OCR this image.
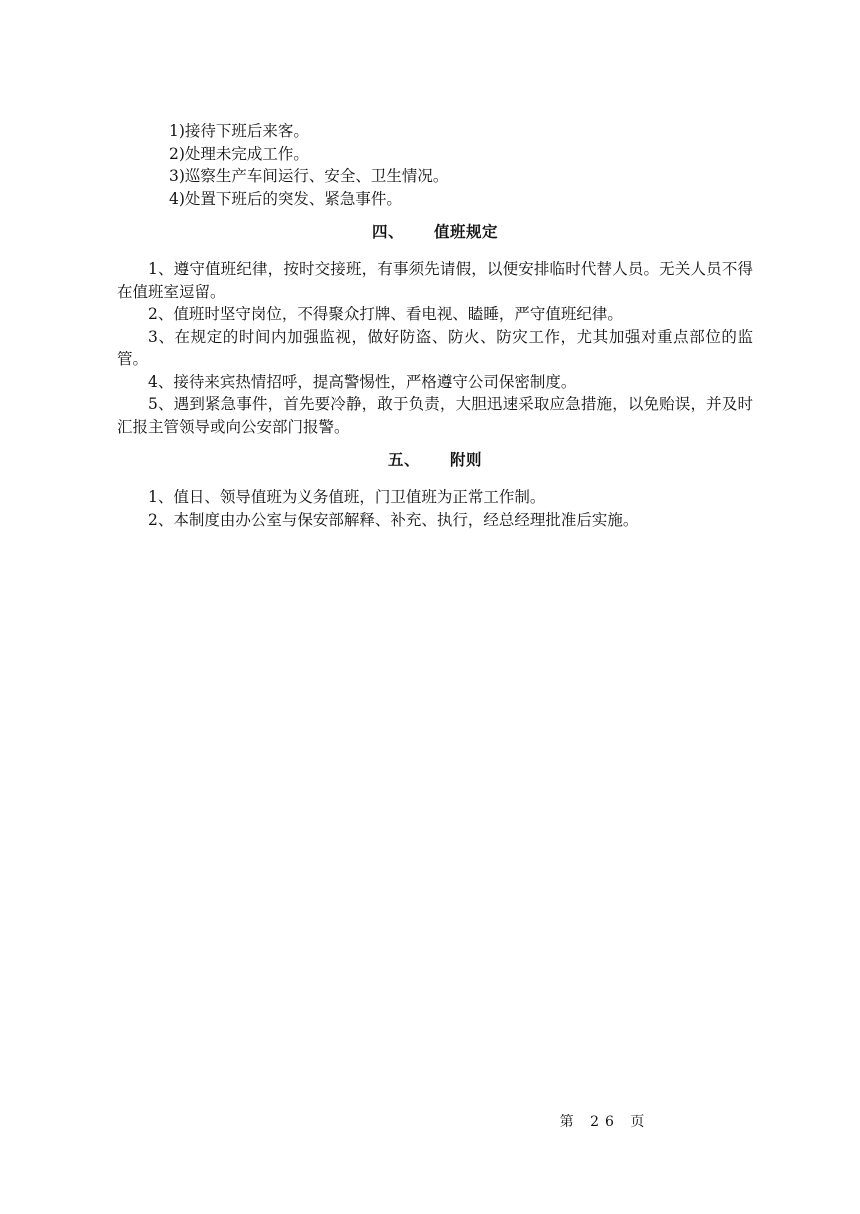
1)接待下班后来客。
2)处理未完成工作。
3)巡察生产车间运行、安全、卫生情况。
4)处置下班后的突发、紧急事件。
四、 值班规定
1、遵守值班纪律，按时交接班，有事须先请假，以便安排临时代替人员。无关人员不得在值班室逗留。
2、值班时坚守岗位，不得聚众打牌、看电视、瞌睡，严守值班纪律。
3、在规定的时间内加强监视，做好防盗、防火、防灾工作，尤其加强对重点部位的监管。
4、接待来宾热情招呼，提高警惕性，严格遵守公司保密制度。
5、遇到紧急事件，首先要冷静，敢于负责，大胆迅速采取应急措施，以免贻误，并及时汇报主管领导或向公安部门报警。
五、 附则
1、值日、领导值班为义务值班，门卫值班为正常工作制。
2、本制度由办公室与保安部解释、补充、执行，经总经理批准后实施。
第 26 页
